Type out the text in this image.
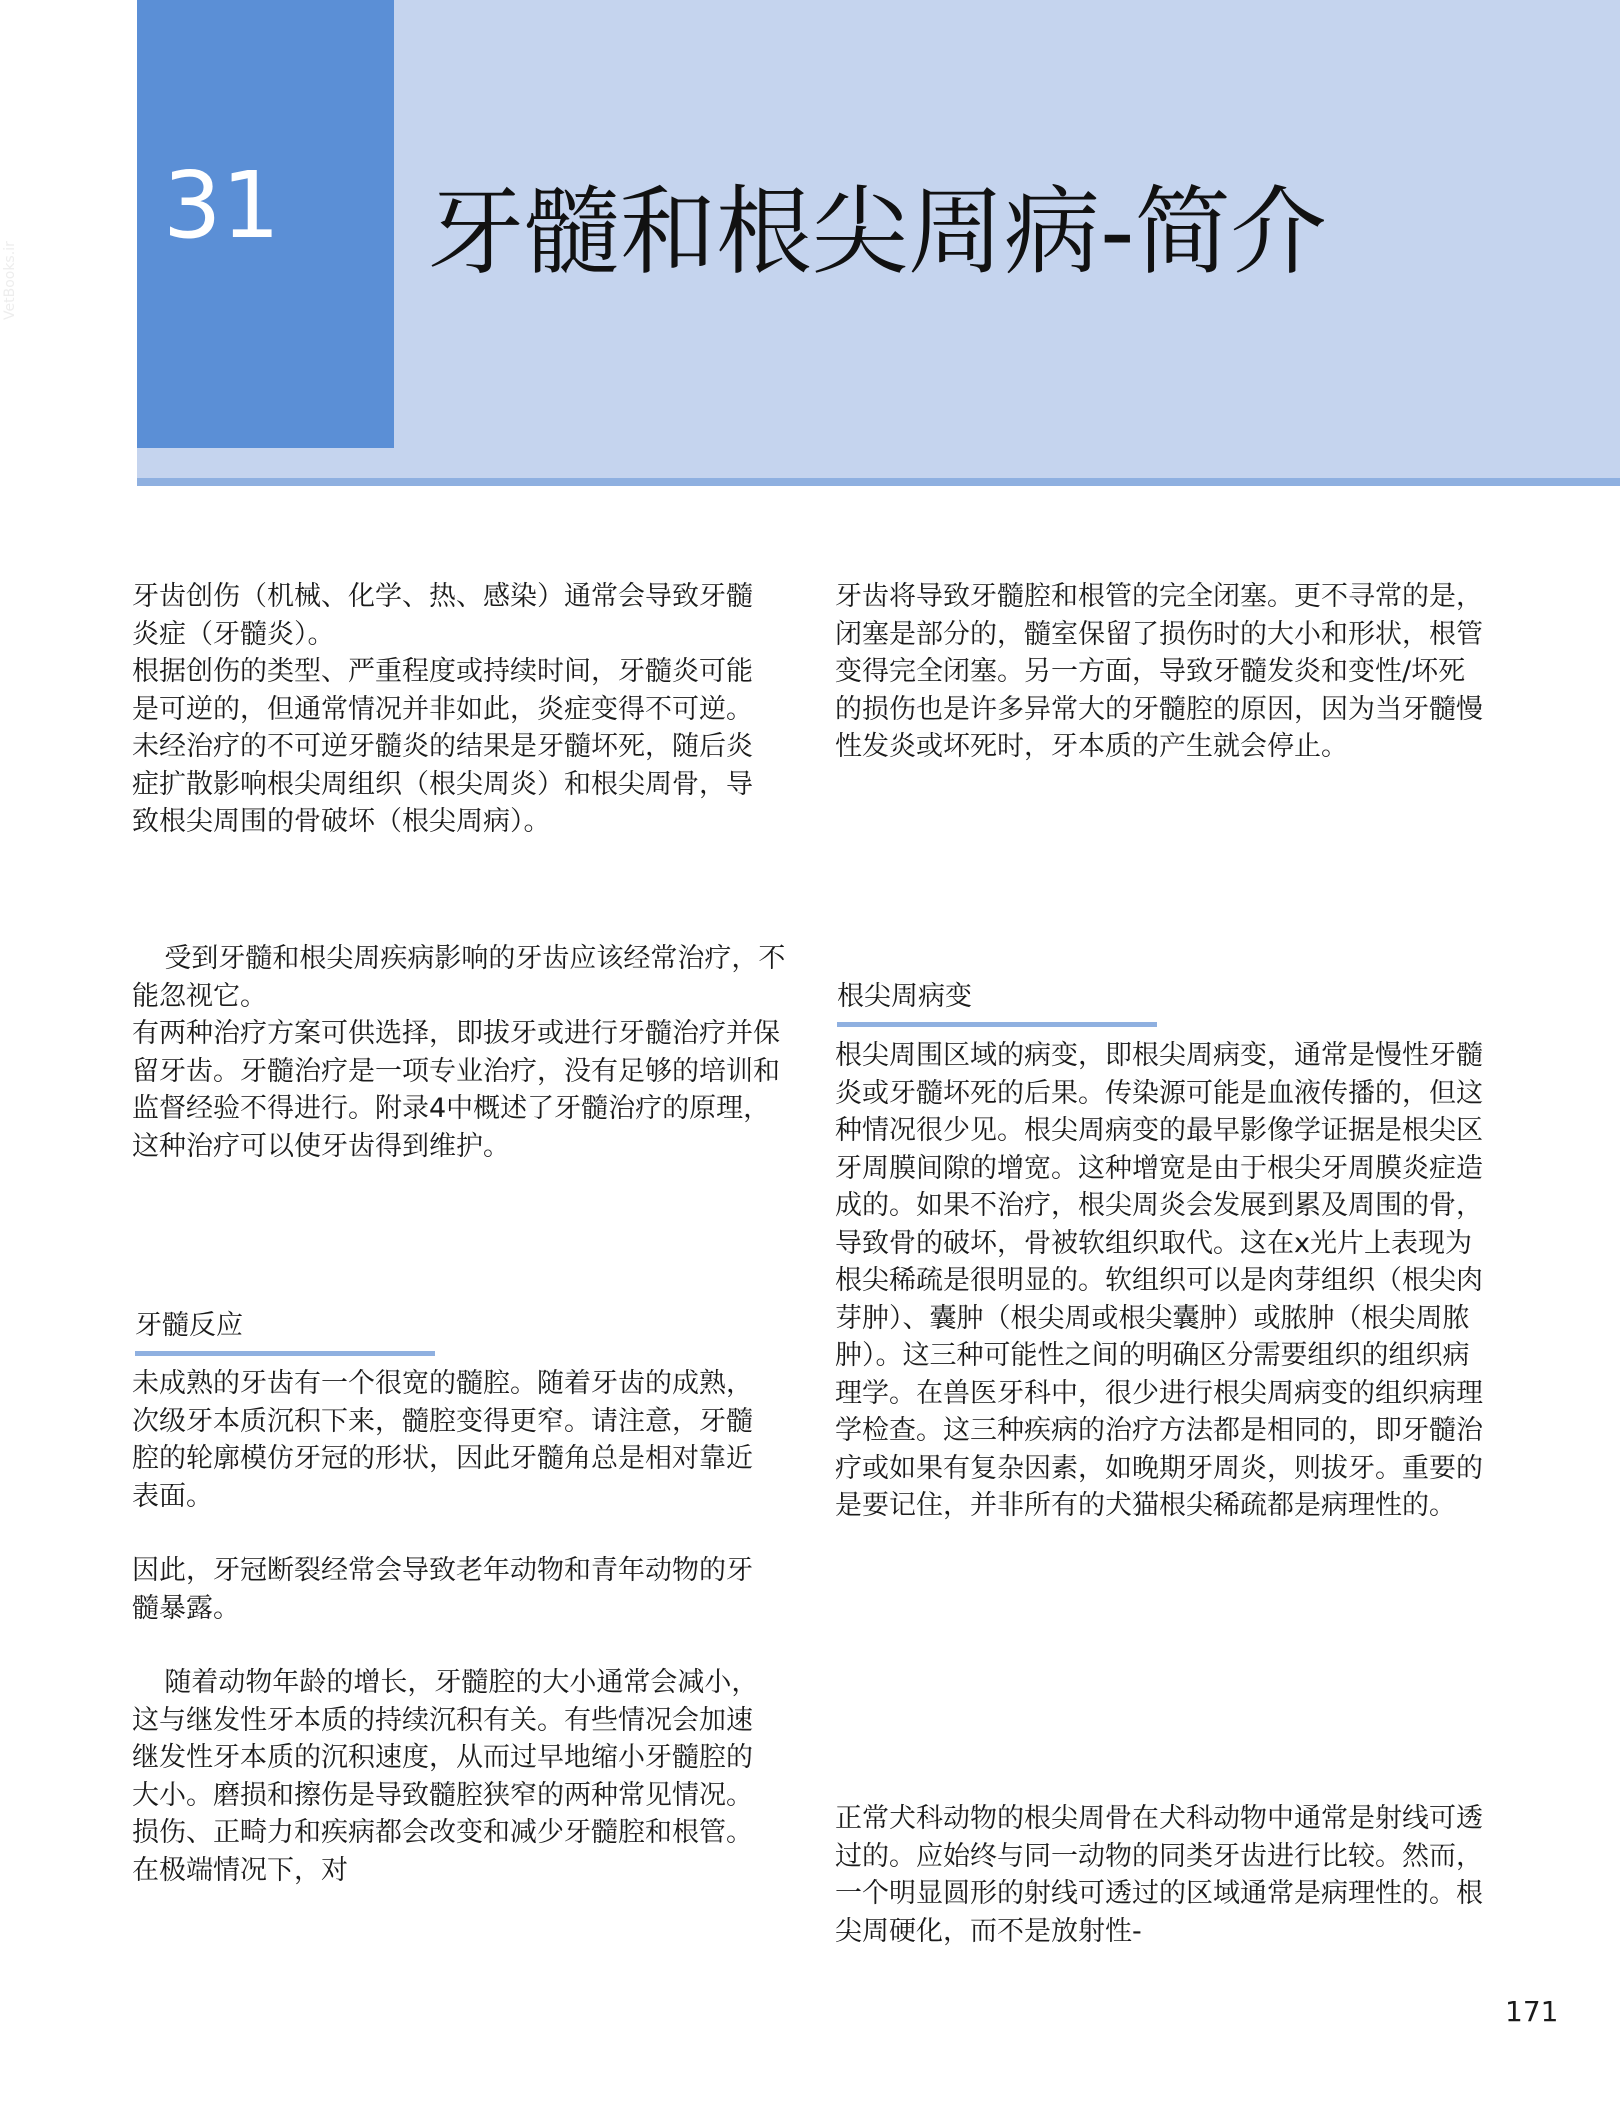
31 牙髓和根尖周病-简介
VetBooks.ir

牙齿创伤（机械、化学、热、感染）通常会导致牙髓炎症（牙髓炎）。

根据创伤的类型、严重程度或持续时间，牙髓炎可能是可逆的，但通常情况并非如此，炎症变得不可逆。未经治疗的不可逆牙髓炎的结果是牙髓坏死，随后炎症扩散影响根尖周组织（根尖周炎）和根尖周骨，导致根尖周围的骨破坏（根尖周病）。

受到牙髓和根尖周疾病影响的牙齿应该经常治疗，不能忽视它。

有两种治疗方案可供选择，即拔牙或进行牙髓治疗并保留牙齿。牙髓治疗是一项专业治疗，没有足够的培训和监督经验不得进行。附录4中概述了牙髓治疗的原理，这种治疗可以使牙齿得到维护。

牙髓反应

未成熟的牙齿有一个很宽的髓腔。随着牙齿的成熟，次级牙本质沉积下来，髓腔变得更窄。请注意，牙髓腔的轮廓模仿牙冠的形状，因此牙髓角总是相对靠近表面。

因此，牙冠断裂经常会导致老年动物和青年动物的牙髓暴露。

随着动物年龄的增长，牙髓腔的大小通常会减小，这与继发性牙本质的持续沉积有关。有些情况会加速继发性牙本质的沉积速度，从而过早地缩小牙髓腔的大小。磨损和擦伤是导致髓腔狭窄的两种常见情况。损伤、正畸力和疾病都会改变和减少牙髓腔和根管。在极端情况下，对

牙齿将导致牙髓腔和根管的完全闭塞。更不寻常的是，闭塞是部分的，髓室保留了损伤时的大小和形状，根管变得完全闭塞。另一方面，导致牙髓发炎和变性/坏死的损伤也是许多异常大的牙髓腔的原因，因为当牙髓慢性发炎或坏死时，牙本质的产生就会停止。

根尖周病变

根尖周围区域的病变，即根尖周病变，通常是慢性牙髓炎或牙髓坏死的后果。传染源可能是血液传播的，但这种情况很少见。根尖周病变的最早影像学证据是根尖区牙周膜间隙的增宽。这种增宽是由于根尖牙周膜炎症造成的。如果不治疗，根尖周炎会发展到累及周围的骨，导致骨的破坏，骨被软组织取代。这在x光片上表现为根尖稀疏是很明显的。软组织可以是肉芽组织（根尖肉芽肿）、囊肿（根尖周或根尖囊肿）或脓肿（根尖周脓肿）。这三种可能性之间的明确区分需要组织的组织病理学。在兽医牙科中，很少进行根尖周病变的组织病理学检查。这三种疾病的治疗方法都是相同的，即牙髓治疗或如果有复杂因素，如晚期牙周炎，则拔牙。重要的是要记住，并非所有的犬猫根尖稀疏都是病理性的。

正常犬科动物的根尖周骨在犬科动物中通常是射线可透过的。应始终与同一动物的同类牙齿进行比较。然而，一个明显圆形的射线可透过的区域通常是病理性的。根尖周硬化，而不是放射性-

171
